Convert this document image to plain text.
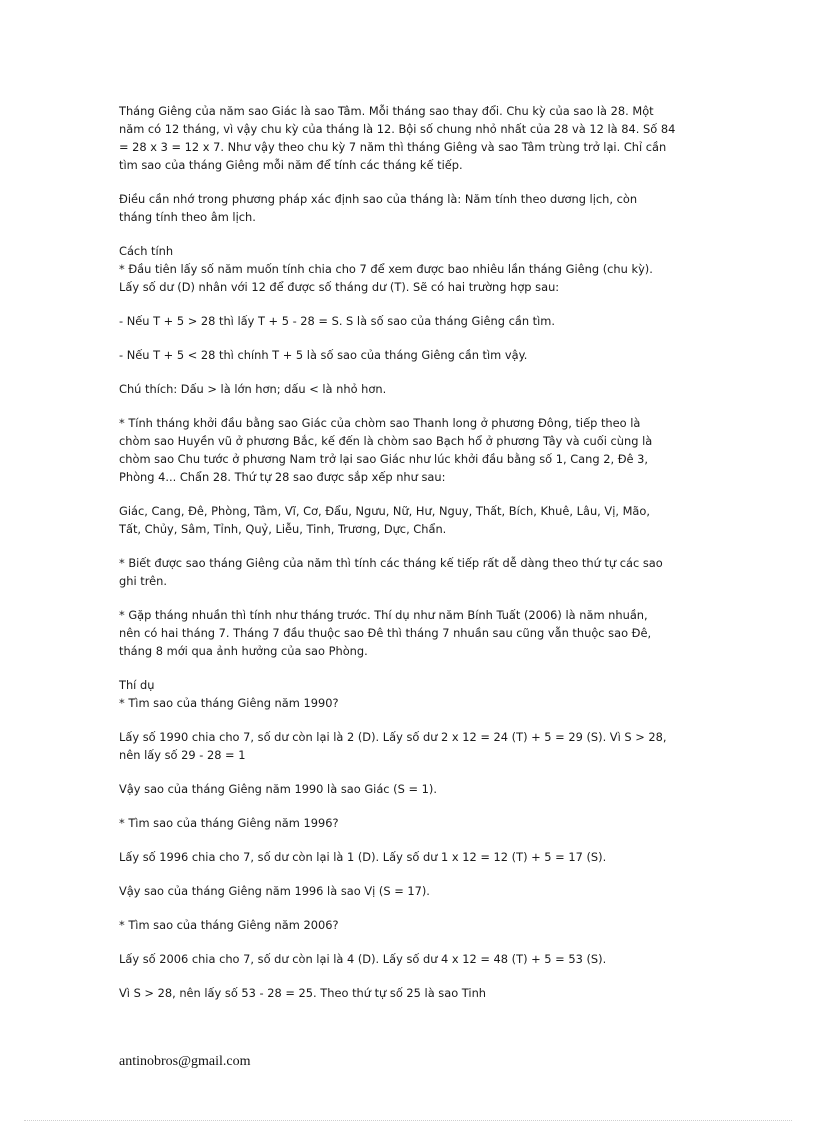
Tháng Giêng của năm sao Giác là sao Tâm. Mỗi tháng sao thay đổi. Chu kỳ của sao là 28. Một
năm có 12 tháng, vì vậy chu kỳ của tháng là 12. Bội số chung nhỏ nhất của 28 và 12 là 84. Số 84
= 28 x 3 = 12 x 7. Như vậy theo chu kỳ 7 năm thì tháng Giêng và sao Tâm trùng trở lại. Chỉ cần
tìm sao của tháng Giêng mỗi năm để tính các tháng kế tiếp.
Điều cần nhớ trong phương pháp xác định sao của tháng là: Năm tính theo dương lịch, còn
tháng tính theo âm lịch.
Cách tính
* Đầu tiên lấy số năm muốn tính chia cho 7 để xem được bao nhiêu lần tháng Giêng (chu kỳ).
Lấy số dư (D) nhân với 12 để được số tháng dư (T). Sẽ có hai trường hợp sau:
- Nếu T + 5 > 28 thì lấy T + 5 - 28 = S. S là số sao của tháng Giêng cần tìm.
- Nếu T + 5 < 28 thì chính T + 5 là số sao của tháng Giêng cần tìm vậy.
Chú thích: Dấu > là lớn hơn; dấu < là nhỏ hơn.
* Tính tháng khởi đầu bằng sao Giác của chòm sao Thanh long ở phương Đông, tiếp theo là
chòm sao Huyền vũ ở phương Bắc, kế đến là chòm sao Bạch hổ ở phương Tây và cuối cùng là
chòm sao Chu tước ở phương Nam trở lại sao Giác như lúc khởi đầu bằng số 1, Cang 2, Đê 3,
Phòng 4... Chẩn 28. Thứ tự 28 sao được sắp xếp như sau:
Giác, Cang, Đê, Phòng, Tâm, Vĩ, Cơ, Đẩu, Ngưu, Nữ, Hư, Nguy, Thất, Bích, Khuê, Lâu, Vị, Mão,
Tất, Chủy, Sâm, Tỉnh, Quỷ, Liễu, Tinh, Trương, Dực, Chẩn.
* Biết được sao tháng Giêng của năm thì tính các tháng kế tiếp rất dễ dàng theo thứ tự các sao
ghi trên.
* Gặp tháng nhuần thì tính như tháng trước. Thí dụ như năm Bính Tuất (2006) là năm nhuần,
nên có hai tháng 7. Tháng 7 đầu thuộc sao Đê thì tháng 7 nhuần sau cũng vẫn thuộc sao Đê,
tháng 8 mới qua ảnh hưởng của sao Phòng.
Thí dụ
* Tìm sao của tháng Giêng năm 1990?
Lấy số 1990 chia cho 7, số dư còn lại là 2 (D). Lấy số dư 2 x 12 = 24 (T) + 5 = 29 (S). Vì S > 28,
nên lấy số 29 - 28 = 1
Vậy sao của tháng Giêng năm 1990 là sao Giác (S = 1).
* Tìm sao của tháng Giêng năm 1996?
Lấy số 1996 chia cho 7, số dư còn lại là 1 (D). Lấy số dư 1 x 12 = 12 (T) + 5 = 17 (S).
Vậy sao của tháng Giêng năm 1996 là sao Vị (S = 17).
* Tìm sao của tháng Giêng năm 2006?
Lấy số 2006 chia cho 7, số dư còn lại là 4 (D). Lấy số dư 4 x 12 = 48 (T) + 5 = 53 (S).
Vì S > 28, nên lấy số 53 - 28 = 25. Theo thứ tự số 25 là sao Tinh
antinobros@gmail.com
